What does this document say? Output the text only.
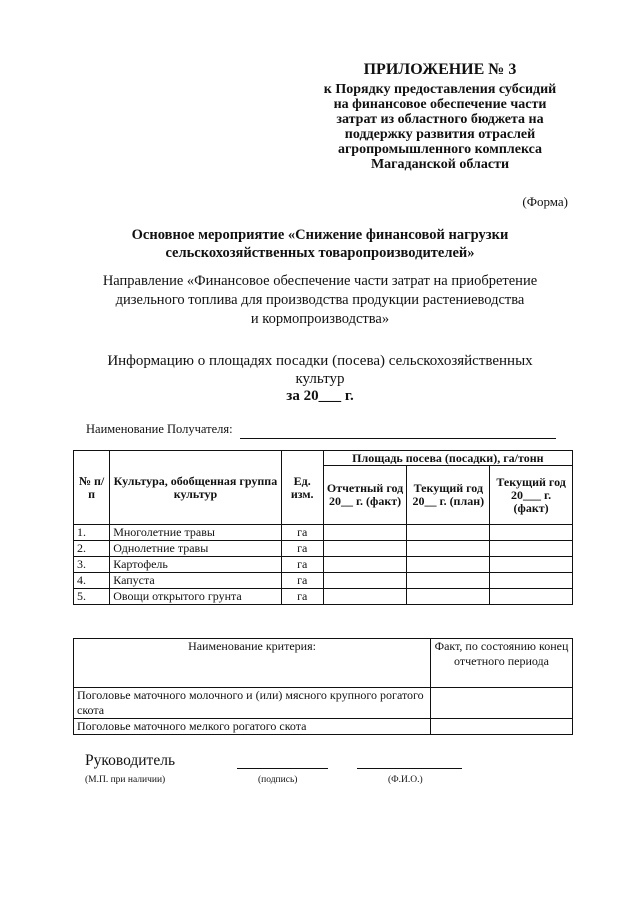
ПРИЛОЖЕНИЕ № 3
к Порядку предоставления субсидий
на финансовое обеспечение части
затрат из областного бюджета на
поддержку развития отраслей
агропромышленного комплекса
Магаданской области
(Форма)
Основное мероприятие «Снижение финансовой нагрузки
сельскохозяйственных товаропроизводителей»
Направление «Финансовое обеспечение части затрат на приобретение
дизельного топлива для производства продукции растениеводства
и кормопроизводства»
Информацию о площадях посадки (посева) сельскохозяйственных
культур
за 20___ г.
Наименование Получателя:
№ п/п	Культура, обобщенная группа культур	Ед. изм.	Площадь посева (посадки), га/тонн		
			Отчетный год 20__ г. (факт)	Текущий год 20__ г. (план)	Текущий год 20___ г. (факт)
1.	Многолетние травы	га			
2.	Однолетние травы	га			
3.	Картофель	га			
4.	Капуста	га			
5.	Овощи открытого грунта	га			
Наименование критерия:	Факт, по состоянию конец отчетного периода
Поголовье маточного молочного и (или) мясного крупного рогатого скота	
Поголовье маточного мелкого рогатого скота	
Руководитель
(М.П. при наличии)	(подпись)	(Ф.И.О.)
